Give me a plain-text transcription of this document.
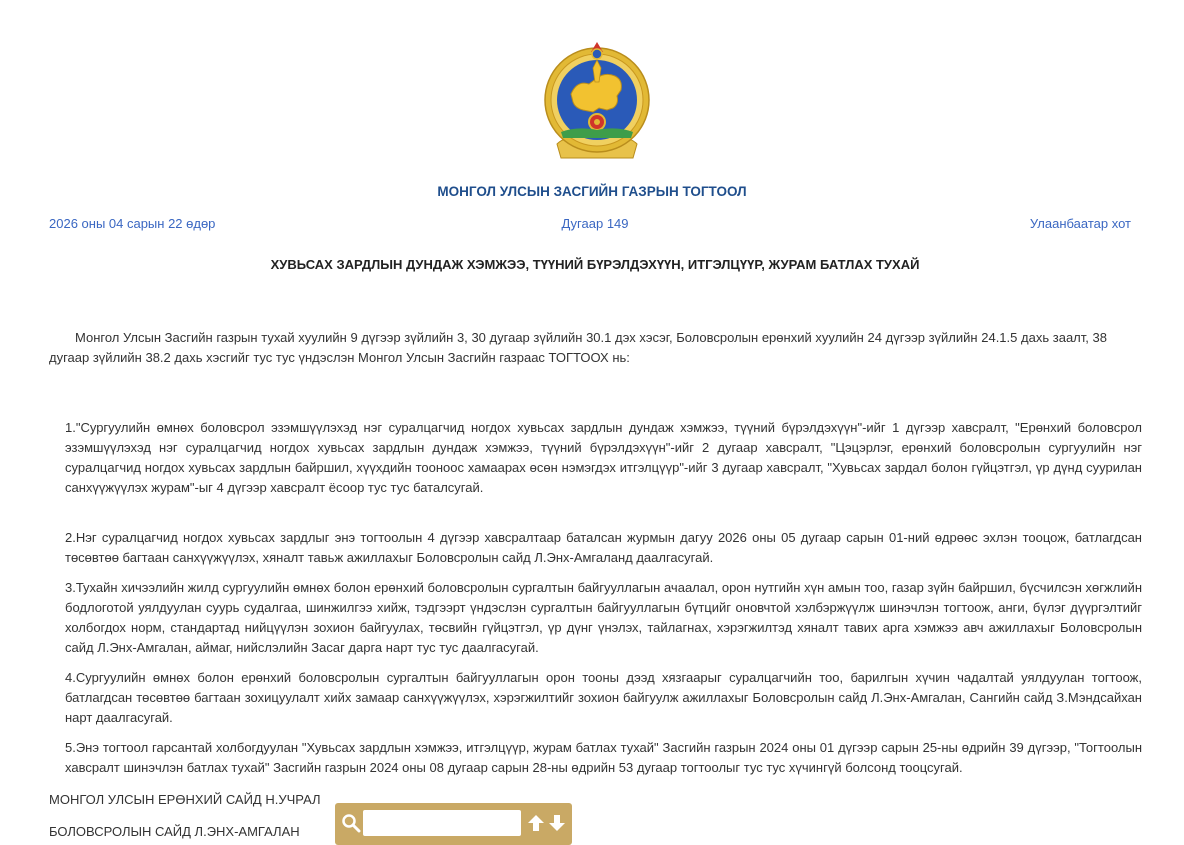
МОНГОЛ УЛСЫН ЗАСГИЙН ГАЗРЫН ТОГТООЛ
2026 оны 04 сарын 22 өдөр	Дугаар 149	Улаанбаатар хот
ХУВЬСАХ ЗАРДЛЫН ДУНДАЖ ХЭМЖЭЭ, ТҮҮНИЙ БҮРЭЛДЭХҮҮН, ИТГЭЛЦҮҮР, ЖУРАМ БАТЛАХ ТУХАЙ
Монгол Улсын Засгийн газрын тухай хуулийн 9 дүгээр зүйлийн 3, 30 дугаар зүйлийн 30.1 дэх хэсэг, Боловсролын ерөнхий хуулийн 24 дүгээр зүйлийн 24.1.5 дахь заалт, 38 дугаар зүйлийн 38.2 дахь хэсгийг тус тус үндэслэн Монгол Улсын Засгийн газраас ТОГТООХ нь:
1."Сургуулийн өмнөх боловсрол эзэмшүүлэхэд нэг суралцагчид ногдох хувьсах зардлын дундаж хэмжээ, түүний бүрэлдэхүүн"-ийг 1 дүгээр хавсралт, "Ерөнхий боловсрол эзэмшүүлэхэд нэг суралцагчид ногдох хувьсах зардлын дундаж хэмжээ, түүний бүрэлдэхүүн"-ийг 2 дугаар хавсралт, "Цэцэрлэг, ерөнхий боловсролын сургуулийн нэг суралцагчид ногдох хувьсах зардлын байршил, хүүхдийн тооноос хамаарах өсөн нэмэгдэх итгэлцүүр"-ийг 3 дугаар хавсралт, "Хувьсах зардал болон гүйцэтгэл, үр дүнд суурилан санхүүжүүлэх журам"-ыг 4 дүгээр хавсралт ёсоор тус тус баталсугай.
2.Нэг суралцагчид ногдох хувьсах зардлыг энэ тогтоолын 4 дүгээр хавсралтаар баталсан журмын дагуу 2026 оны 05 дугаар сарын 01-ний өдрөөс эхлэн тооцож, батлагдсан төсөвтөө багтаан санхүүжүүлэх, хяналт тавьж ажиллахыг Боловсролын сайд Л.Энх-Амгаланд даалгасугай.
3.Тухайн хичээлийн жилд сургуулийн өмнөх болон ерөнхий боловсролын сургалтын байгууллагын ачаалал, орон нутгийн хүн амын тоо, газар зүйн байршил, бүсчилсэн хөгжлийн бодлоготой уялдуулан суурь судалгаа, шинжилгээ хийж, тэдгээрт үндэслэн сургалтын байгууллагын бүтцийг оновчтой хэлбэржүүлж шинэчлэн тогтоож, анги, бүлэг дүүргэлтийг холбогдох норм, стандартад нийцүүлэн зохион байгуулах, төсвийн гүйцэтгэл, үр дүнг үнэлэх, тайлагнах, хэрэгжилтэд хяналт тавих арга хэмжээ авч ажиллахыг Боловсролын сайд Л.Энх-Амгалан, аймаг, нийслэлийн Засаг дарга нарт тус тус даалгасугай.
4.Сургуулийн өмнөх болон ерөнхий боловсролын сургалтын байгууллагын орон тооны дээд хязгаарыг суралцагчийн тоо, барилгын хүчин чадалтай уялдуулан тогтоож, батлагдсан төсөвтөө багтаан зохицуулалт хийх замаар санхүүжүүлэх, хэрэгжилтийг зохион байгуулж ажиллахыг Боловсролын сайд Л.Энх-Амгалан, Сангийн сайд З.Мэндсайхан нарт даалгасугай.
5.Энэ тогтоол гарсантай холбогдуулан "Хувьсах зардлын хэмжээ, итгэлцүүр, журам батлах тухай" Засгийн газрын 2024 оны 01 дүгээр сарын 25-ны өдрийн 39 дүгээр, "Тогтоолын хавсралт шинэчлэн батлах тухай" Засгийн газрын 2024 оны 08 дугаар сарын 28-ны өдрийн 53 дугаар тогтоолыг тус тус хүчингүй болсонд тооцсугай.
МОНГОЛ УЛСЫН ЕРӨНХИЙ САЙД Н.УЧРАЛ
БОЛОВСРОЛЫН САЙД Л.ЭНХ-АМГАЛАН
